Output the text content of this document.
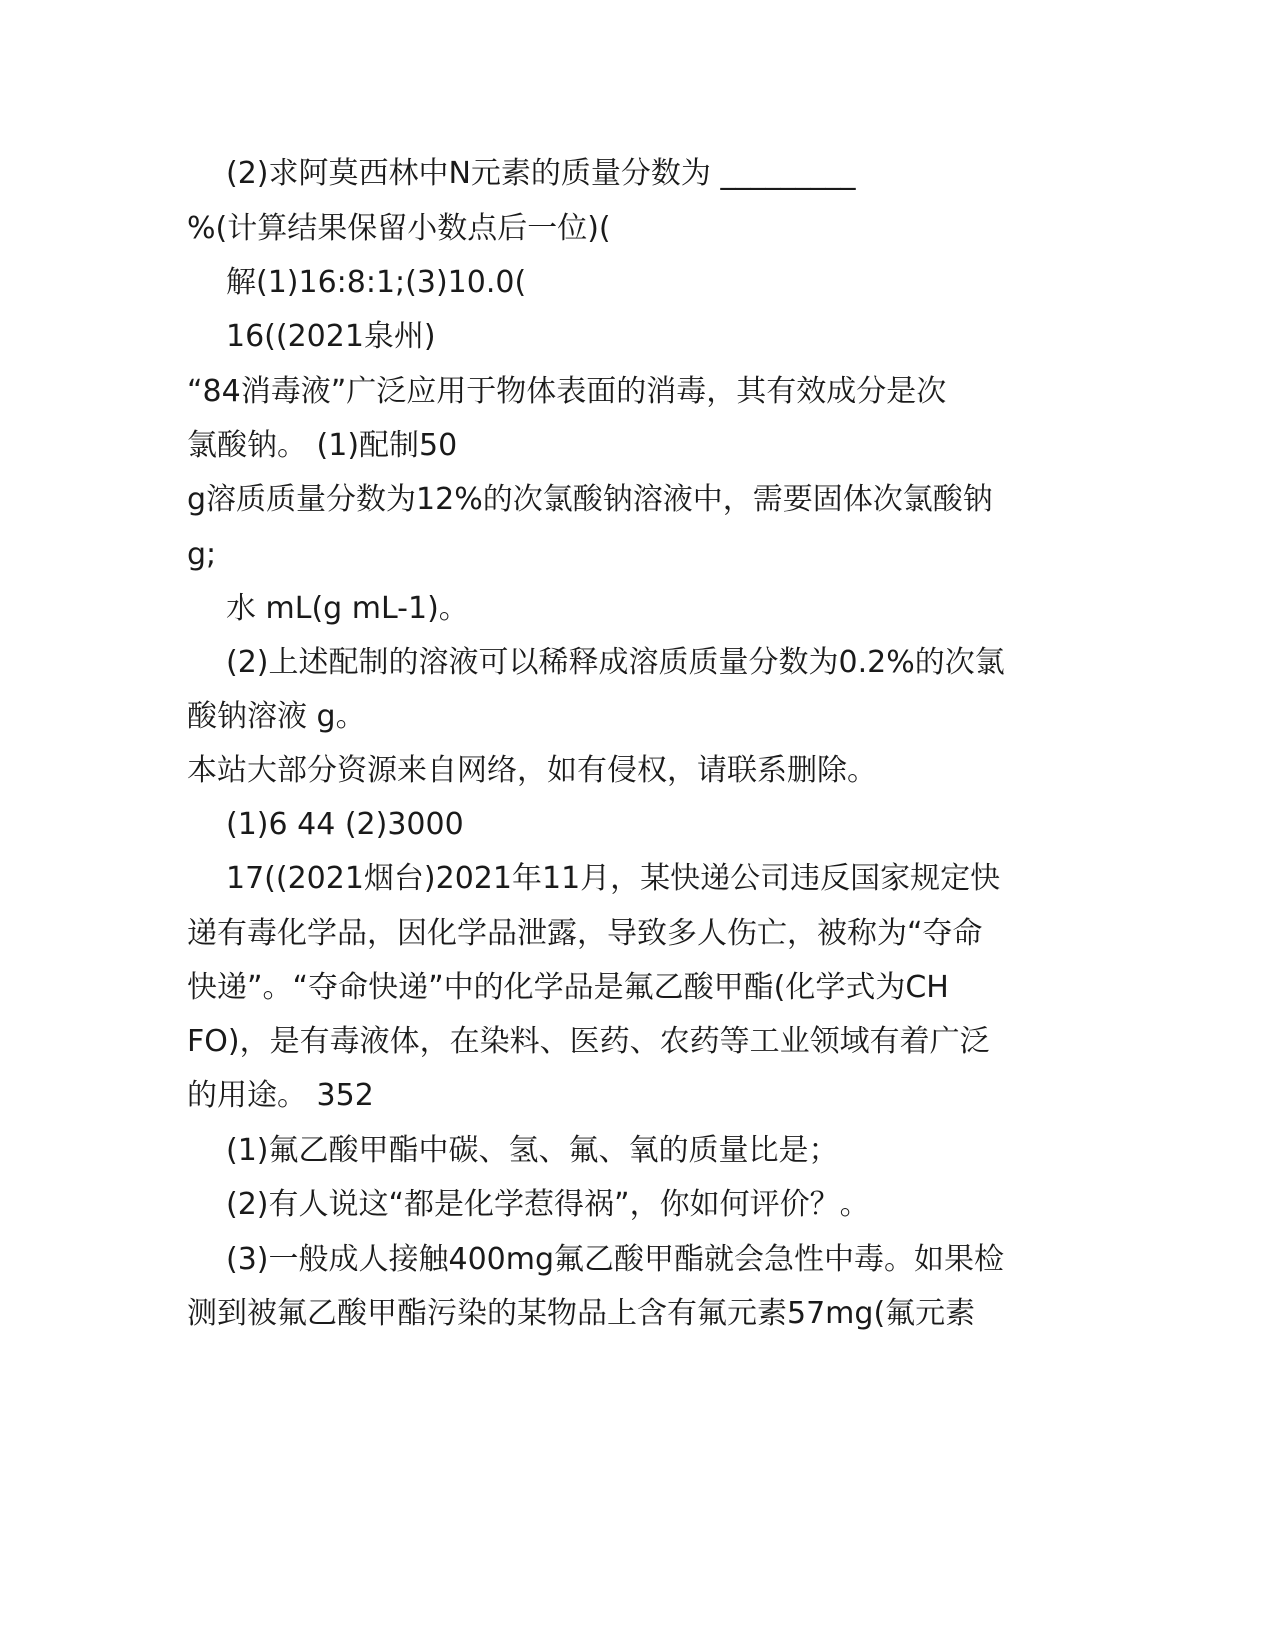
(2)求阿莫西林中N元素的质量分数为 _________
%(计算结果保留小数点后一位)(
解(1)16:8:1;(3)10.0(
16((2021泉州)
“84消毒液”广泛应用于物体表面的消毒，其有效成分是次
氯酸钠。 (1)配制50
g溶质质量分数为12%的次氯酸钠溶液中，需要固体次氯酸钠
g;
水 mL(g mL-1)。
(2)上述配制的溶液可以稀释成溶质质量分数为0.2%的次氯
酸钠溶液 g。
本站大部分资源来自网络，如有侵权，请联系删除。
(1)6 44 (2)3000
17((2021烟台)2021年11月，某快递公司违反国家规定快
递有毒化学品，因化学品泄露，导致多人伤亡，被称为“夺命
快递”。“夺命快递”中的化学品是氟乙酸甲酯(化学式为CH
FO)，是有毒液体，在染料、医药、农药等工业领域有着广泛
的用途。 352
(1)氟乙酸甲酯中碳、氢、氟、氧的质量比是；
(2)有人说这“都是化学惹得祸”，你如何评价？。
(3)一般成人接触400mg氟乙酸甲酯就会急性中毒。如果检
测到被氟乙酸甲酯污染的某物品上含有氟元素57mg(氟元素
